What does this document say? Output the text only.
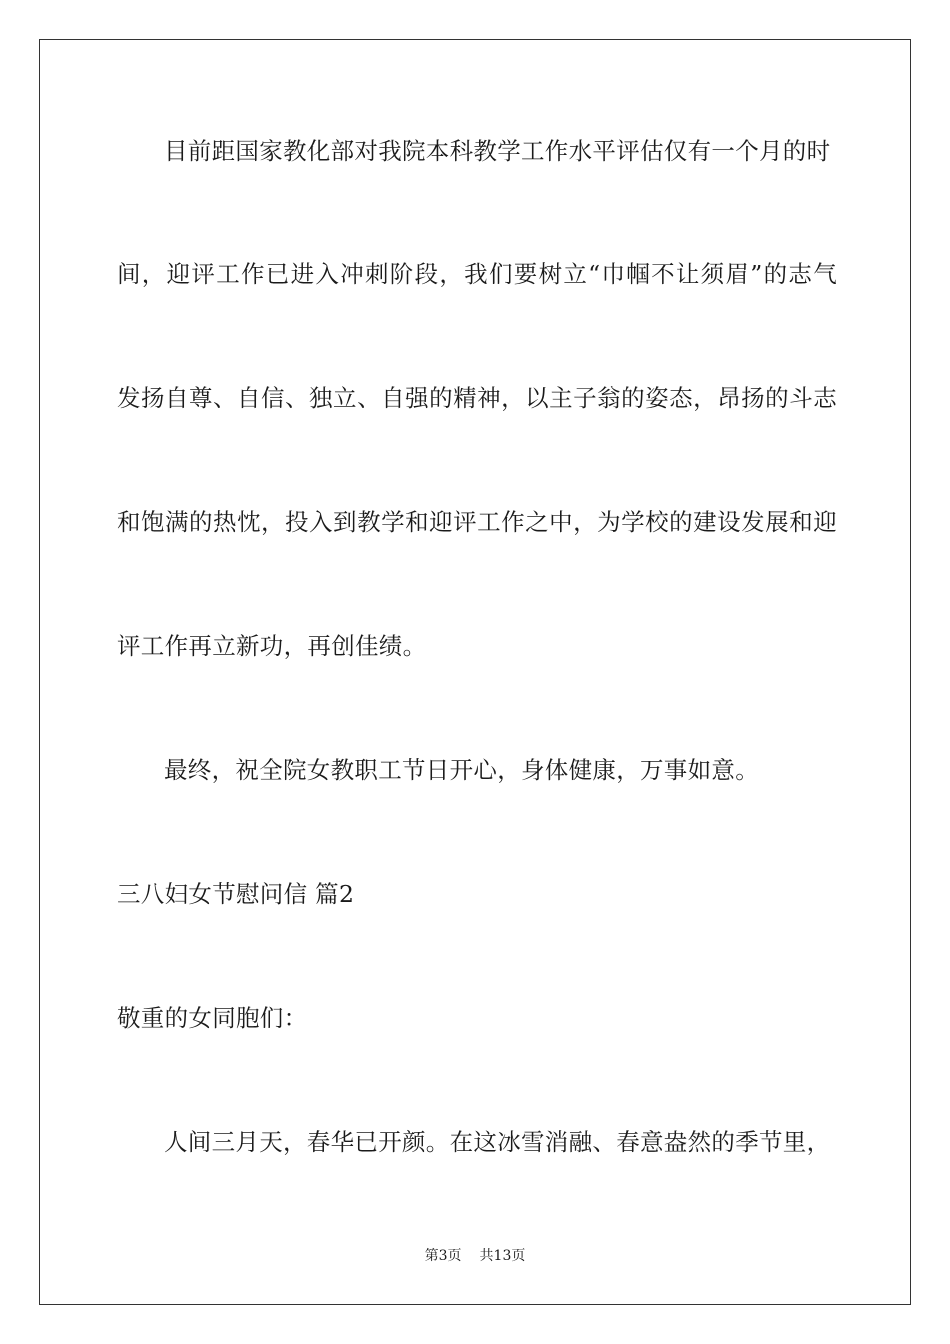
目前距国家教化部对我院本科教学工作水平评估仅有一个月的时
间，迎评工作已进入冲刺阶段，我们要树立“巾帼不让须眉”的志气
发扬自尊、自信、独立、自强的精神，以主子翁的姿态，昂扬的斗志
和饱满的热忱，投入到教学和迎评工作之中，为学校的建设发展和迎
评工作再立新功，再创佳绩。
最终，祝全院女教职工节日开心，身体健康，万事如意。
三八妇女节慰问信 篇2
敬重的女同胞们：
人间三月天，春华已开颜。在这冰雪消融、春意盎然的季节里，
第3页 共13页
